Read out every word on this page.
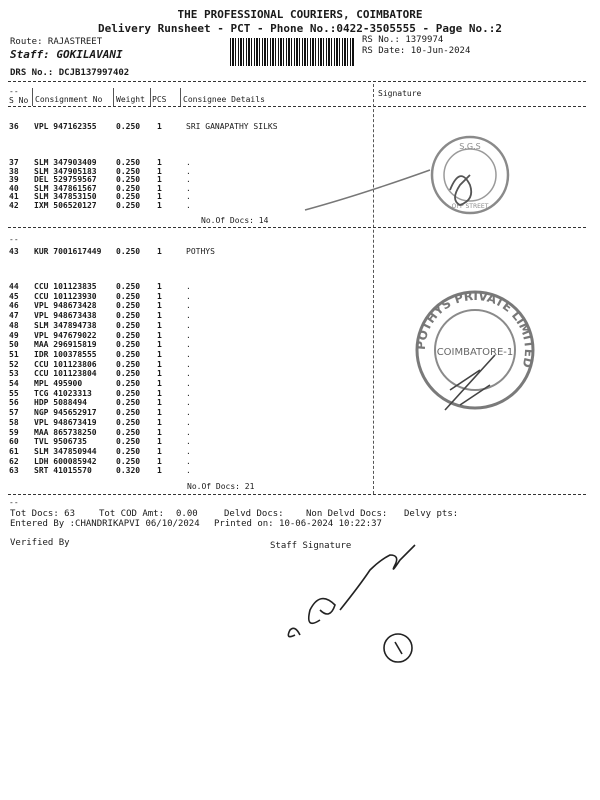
THE PROFESSIONAL COURIERS, COIMBATORE
Delivery Runsheet - PCT - Phone No.:0422-3505555 - Page No.:2
Route: RAJASTREET
Staff: GOKILAVANI
RS No.: 1379974
RS Date: 10-Jun-2024
DRS No.: DCJB137997402
--
S No Consignment No Weight PCS Consignee Details
Signature
36 VPL 947162355 0.250 1	SRI GANAPATHY SILKS
37 SLM 347903409 0.250 1	.
38 SLM 347905183 0.250 1	.
39 DEL 529759567 0.250 1	.
40 SLM 347861567 0.250 1	.
41 SLM 347853150 0.250 1	.
42 IXM 506520127 0.250 1	.
No.Of Docs: 14
--
43 KUR 7001617449 0.250 1	POTHYS
44 CCU 101123835 0.250 1	.
45 CCU 101123930 0.250 1	.
46 VPL 948673428 0.250 1	.
47 VPL 948673438 0.250 1	.
48 SLM 347894738 0.250 1	.
49 VPL 947679022 0.250 1	.
50 MAA 296915819 0.250 1	.
51 IDR 100378555 0.250 1	.
52 CCU 101123806 0.250 1	.
53 CCU 101123804 0.250 1	.
54 MPL 495900	0.250 1	.
55 TCG 41023313	0.250 1	.
56 HDP 5088494	0.250 1	.
57 NGP 945652917 0.250 1	.
58 VPL 948673419 0.250 1	.
59 MAA 865738250 0.250 1	.
60 TVL 9506735	0.250 1	.
61 SLM 347850944 0.250 1	.
62 LDH 600085942 0.250 1	.
63 SRT 41015570	0.320 1	.
No.Of Docs: 21
--
Tot Docs: 63	Tot COD Amt: 0.00	Delvd Docs: Non Delvd Docs: Delvy pts:
Entered By :CHANDRIKAPVI 06/10/2024 Printed on: 10-06-2024 10:22:37
Verified By	Staff Signature
S.G.S
OPP STREET
POTHYS PRIVATE LIMITED
COIMBATORE-1
